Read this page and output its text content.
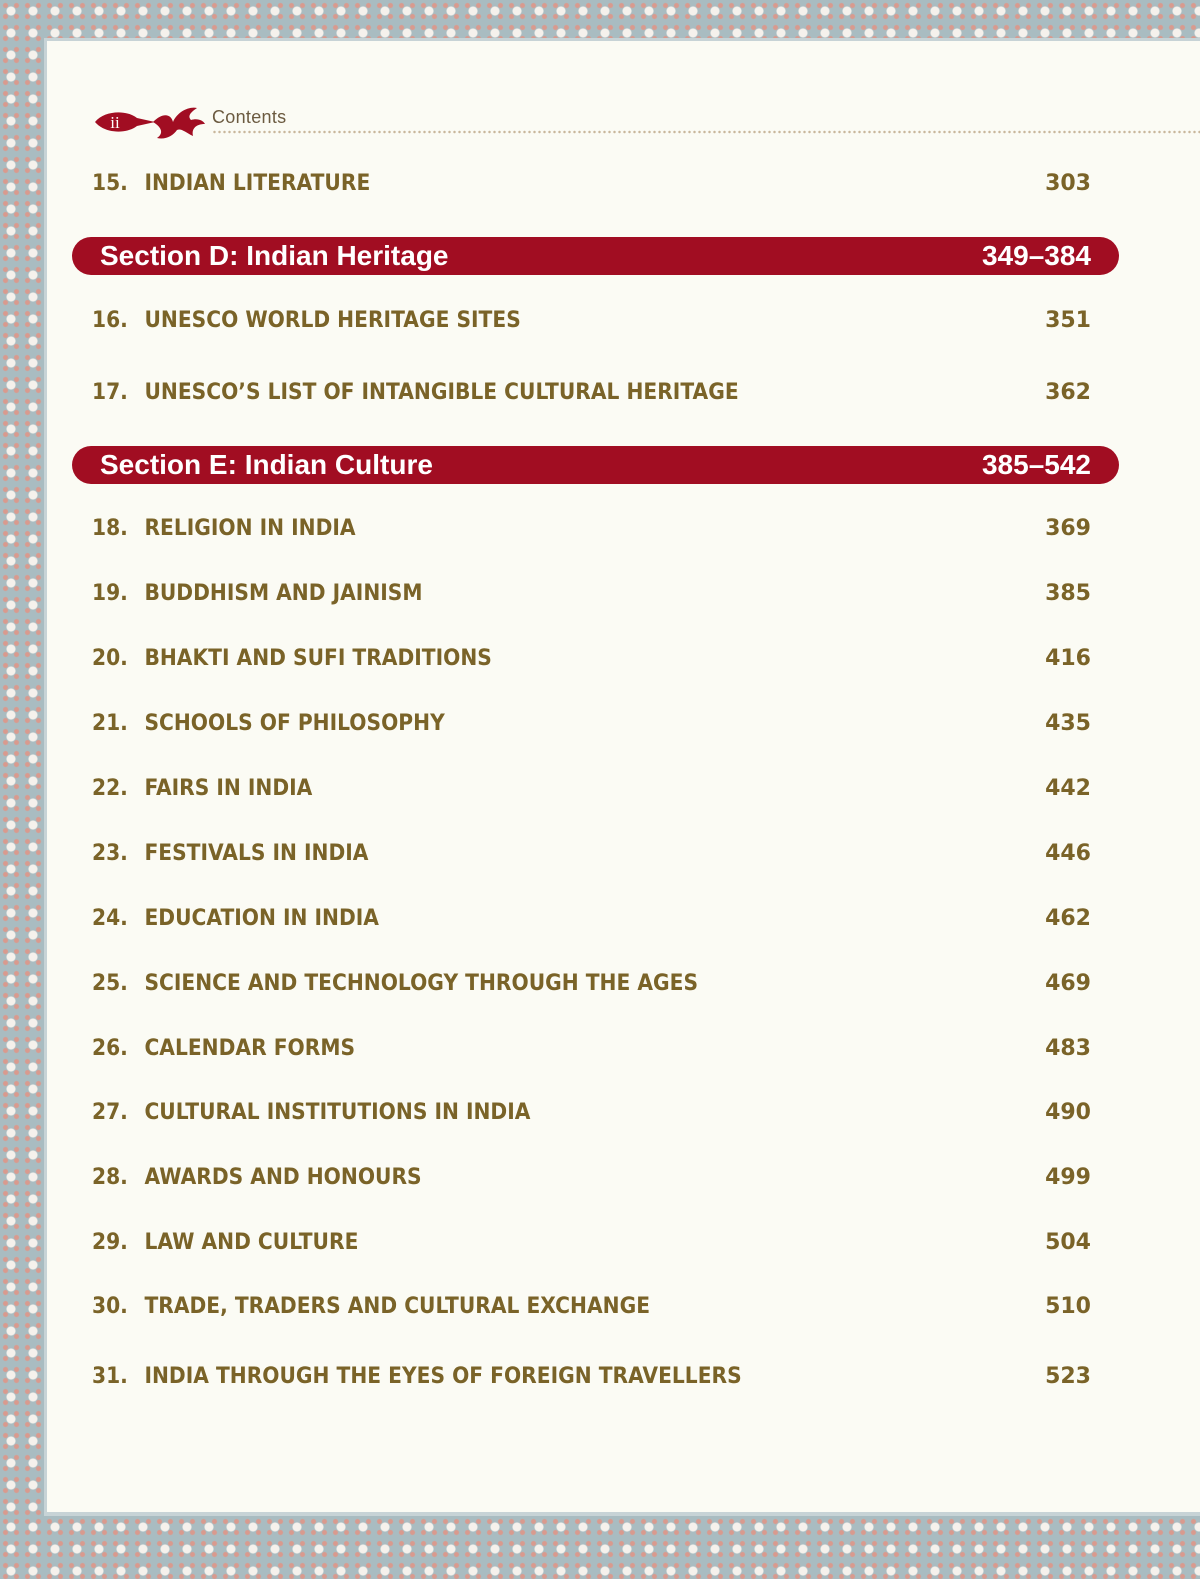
ii	Contents
15. INDIAN LITERATURE	303
Section D: Indian Heritage	349–384
16. UNESCO WORLD HERITAGE SITES	351
17. UNESCO’S LIST OF INTANGIBLE CULTURAL HERITAGE	362
Section E: Indian Culture	385–542
18. RELIGION IN INDIA	369
19. BUDDHISM AND JAINISM	385
20. BHAKTI AND SUFI TRADITIONS	416
21. SCHOOLS OF PHILOSOPHY	435
22. FAIRS IN INDIA	442
23. FESTIVALS IN INDIA	446
24. EDUCATION IN INDIA	462
25. SCIENCE AND TECHNOLOGY THROUGH THE AGES	469
26. CALENDAR FORMS	483
27. CULTURAL INSTITUTIONS IN INDIA	490
28. AWARDS AND HONOURS	499
29. LAW AND CULTURE	504
30. TRADE, TRADERS AND CULTURAL EXCHANGE	510
31. INDIA THROUGH THE EYES OF FOREIGN TRAVELLERS	523
